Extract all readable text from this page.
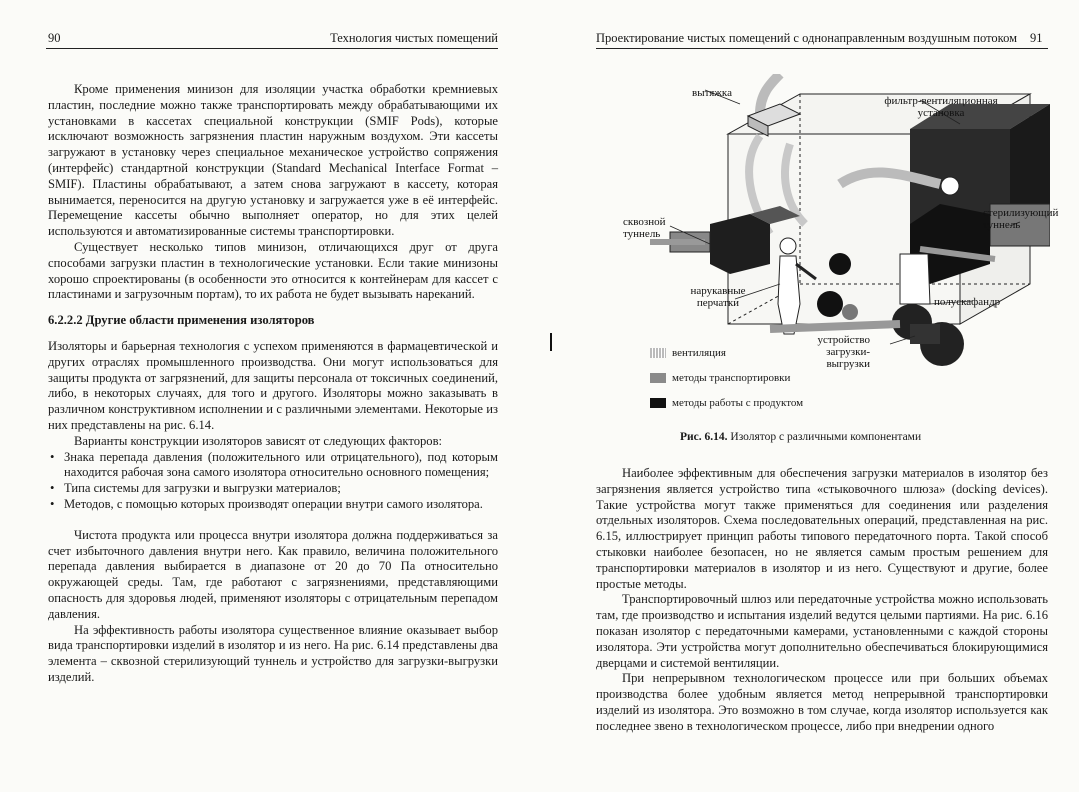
90	Технология чистых помещений

Кроме применения минизон для изоляции участка обработки кремниевых пластин, последние можно также транспортировать между обрабатывающими их установками в кассетах специальной конструкции (SMIF Pods), которые исключают возможность загрязнения пластин наружным воздухом. Эти кассеты загружают в установку через специальное механическое устройство сопряжения (интерфейс) стандартной конструкции (Standard Mechanical Interface Format – SMIF). Пластины обрабатывают, а затем снова загружают в кассету, которая вынимается, переносится на другую установку и загружается уже в её интерфейс. Перемещение кассеты обычно выполняет оператор, но для этих целей используются и автоматизированные системы транспортировки.

Существует несколько типов минизон, отличающихся друг от друга способами загрузки пластин в технологические установки. Если такие минизоны хорошо спроектированы (в особенности это относится к контейнерам для кассет с пластинами и загрузочным портам), то их работа не будет вызывать нареканий.

6.2.2.2 Другие области применения изоляторов

Изоляторы и барьерная технология с успехом применяются в фармацевтической и других отраслях промышленного производства. Они могут использоваться для защиты продукта от загрязнений, для защиты персонала от токсичных соединений, либо, в некоторых случаях, для того и другого. Изоляторы можно заказывать в различном конструктивном исполнении и с различными элементами. Некоторые из них представлены на рис. 6.14.

Варианты конструкции изоляторов зависят от следующих факторов:

• Знака перепада давления (положительного или отрицательного), под которым находится рабочая зона самого изолятора относительно основного помещения;
• Типа системы для загрузки и выгрузки материалов;
• Методов, с помощью которых производят операции внутри самого изолятора.

Чистота продукта или процесса внутри изолятора должна поддерживаться за счет избыточного давления внутри него. Как правило, величина положительного перепада давления выбирается в диапазоне от 20 до 70 Па относительно окружающей среды. Там, где работают с загрязнениями, представляющими опасность для здоровья людей, применяют изоляторы с отрицательным перепадом давления.

На эффективность работы изолятора существенное влияние оказывает выбор вида транспортировки изделий в изолятор и из него. На рис. 6.14 представлены два элемента – сквозной стерилизующий туннель и устройство для загрузки-выгрузки изделий.

Проектирование чистых помещений с однонаправленным воздушным потоком 91
вытяжка
фильтр-вентиляционная установка
сквозной туннель
стерилизующий туннель
нарукавные перчатки	полускафандр
устройство загрузки-выгрузки
вентиляция
методы транспортировки
методы работы с продуктом
Рис. 6.14. Изолятор с различными компонентами

Наиболее эффективным для обеспечения загрузки материалов в изолятор без загрязнения является устройство типа «стыковочного шлюза» (docking devices). Такие устройства могут также применяться для соединения или разделения отдельных изоляторов. Схема последовательных операций, представленная на рис. 6.15, иллюстрирует принцип работы типового передаточного порта. Такой способ стыковки наиболее безопасен, но не является самым простым решением для транспортировки материалов в изолятор и из него. Существуют и другие, более простые методы.

Транспортировочный шлюз или передаточные устройства можно использовать там, где производство и испытания изделий ведутся целыми партиями. На рис. 6.16 показан изолятор с передаточными камерами, установленными с каждой стороны изолятора. Эти устройства могут дополнительно обеспечиваться блокирующимися дверцами и системой вентиляции.

При непрерывном технологическом процессе или при больших объемах производства более удобным является метод непрерывной транспортировки изделий из изолятора. Это возможно в том случае, когда изолятор используется как последнее звено в технологическом процессе, либо при внедрении одного
